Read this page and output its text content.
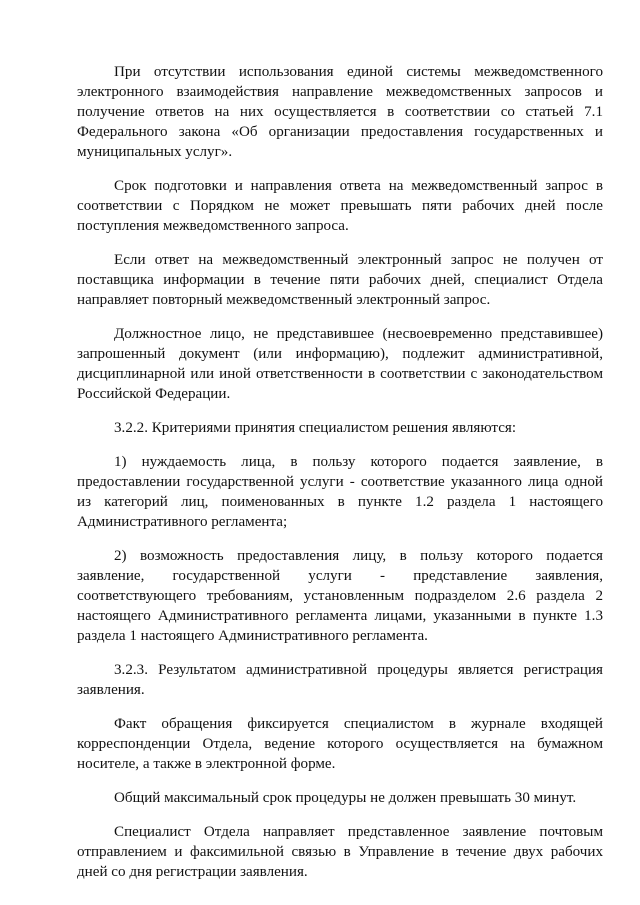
При отсутствии использования единой системы межведомственного электронного взаимодействия направление межведомственных запросов и получение ответов на них осуществляется в соответствии со статьей 7.1 Федерального закона «Об организации предоставления государственных и муниципальных услуг».

Срок подготовки и направления ответа на межведомственный запрос в соответствии с Порядком не может превышать пяти рабочих дней после поступления межведомственного запроса.

Если ответ на межведомственный электронный запрос не получен от поставщика информации в течение пяти рабочих дней, специалист Отдела направляет повторный межведомственный электронный запрос.

Должностное лицо, не представившее (несвоевременно представившее) запрошенный документ (или информацию), подлежит административной, дисциплинарной или иной ответственности в соответствии с законодательством Российской Федерации.

3.2.2. Критериями принятия специалистом решения являются:

1) нуждаемость лица, в пользу которого подается заявление, в предоставлении государственной услуги - соответствие указанного лица одной из категорий лиц, поименованных в пункте 1.2 раздела 1 настоящего Административного регламента;

2) возможность предоставления лицу, в пользу которого подается заявление, государственной услуги - представление заявления, соответствующего требованиям, установленным подразделом 2.6 раздела 2 настоящего Административного регламента лицами, указанными в пункте 1.3 раздела 1 настоящего Административного регламента.

3.2.3. Результатом административной процедуры является регистрация заявления.

Факт обращения фиксируется специалистом в журнале входящей корреспонденции Отдела, ведение которого осуществляется на бумажном носителе, а также в электронной форме.

Общий максимальный срок процедуры не должен превышать 30 минут.

Специалист Отдела направляет представленное заявление почтовым отправлением и факсимильной связью в Управление в течение двух рабочих дней со дня регистрации заявления.
